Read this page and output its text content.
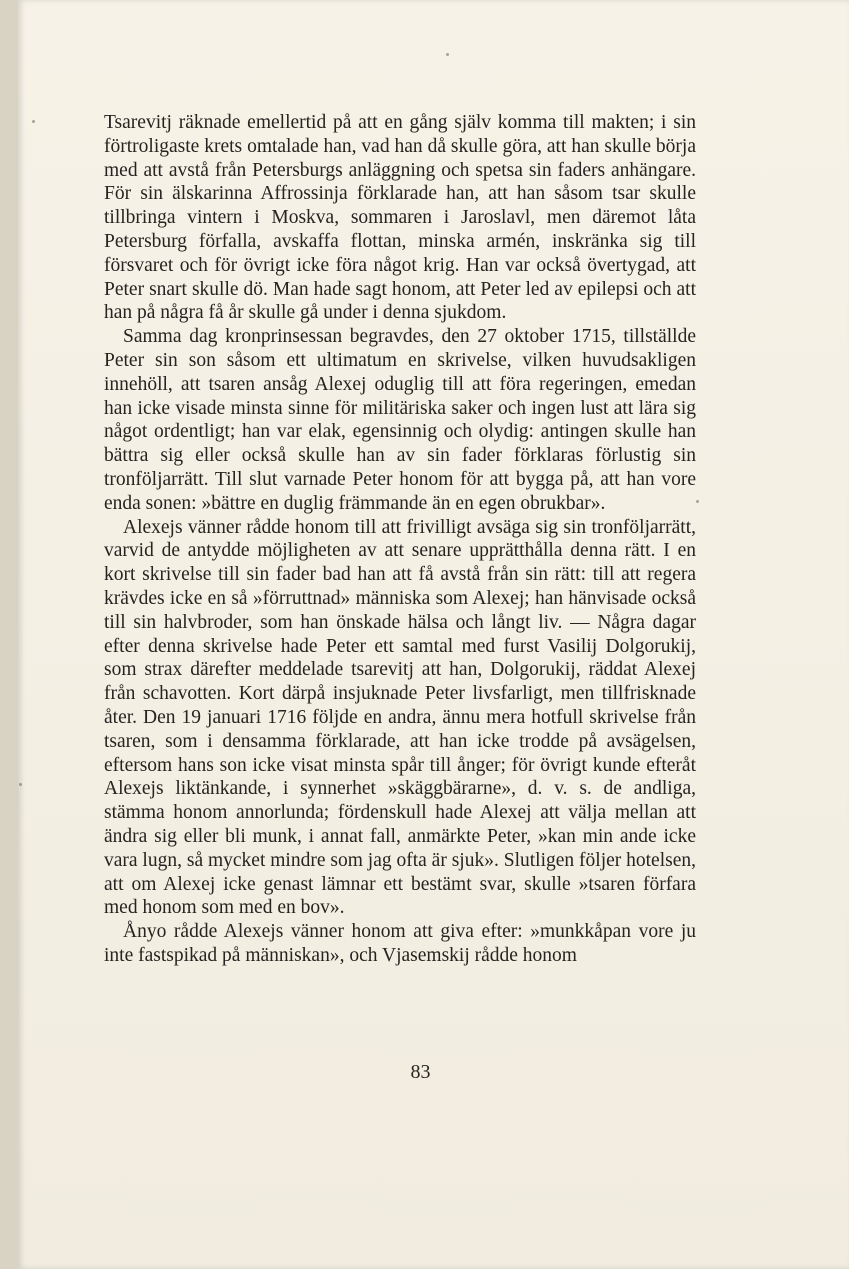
Tsarevitj räknade emellertid på att en gång själv komma till makten; i sin förtroligaste krets omtalade han, vad han då skulle göra, att han skulle börja med att avstå från Petersburgs anläggning och spetsa sin faders anhängare. För sin älskarinna Affrossinja förklarade han, att han såsom tsar skulle tillbringa vintern i Moskva, sommaren i Jaroslavl, men däremot låta Petersburg förfalla, avskaffa flottan, minska armén, inskränka sig till försvaret och för övrigt icke föra något krig. Han var också övertygad, att Peter snart skulle dö. Man hade sagt honom, att Peter led av epilepsi och att han på några få år skulle gå under i denna sjukdom.

Samma dag kronprinsessan begravdes, den 27 oktober 1715, tillställde Peter sin son såsom ett ultimatum en skrivelse, vilken huvudsakligen innehöll, att tsaren ansåg Alexej oduglig till att föra regeringen, emedan han icke visade minsta sinne för militäriska saker och ingen lust att lära sig något ordentligt; han var elak, egensinnig och olydig: antingen skulle han bättra sig eller också skulle han av sin fader förklaras förlustig sin tronföljarrätt. Till slut varnade Peter honom för att bygga på, att han vore enda sonen: »bättre en duglig främmande än en egen obrukbar».

Alexejs vänner rådde honom till att frivilligt avsäga sig sin tronföljarrätt, varvid de antydde möjligheten av att senare upprätthålla denna rätt. I en kort skrivelse till sin fader bad han att få avstå från sin rätt: till att regera krävdes icke en så »förruttnad» människa som Alexej; han hänvisade också till sin halvbroder, som han önskade hälsa och långt liv. — Några dagar efter denna skrivelse hade Peter ett samtal med furst Vasilij Dolgorukij, som strax därefter meddelade tsarevitj att han, Dolgorukij, räddat Alexej från schavotten. Kort därpå insjuknade Peter livsfarligt, men tillfrisknade åter. Den 19 januari 1716 följde en andra, ännu mera hotfull skrivelse från tsaren, som i densamma förklarade, att han icke trodde på avsägelsen, eftersom hans son icke visat minsta spår till ånger; för övrigt kunde efteråt Alexejs liktänkande, i synnerhet »skäggbärarne», d. v. s. de andliga, stämma honom annorlunda; fördenskull hade Alexej att välja mellan att ändra sig eller bli munk, i annat fall, anmärkte Peter, »kan min ande icke vara lugn, så mycket mindre som jag ofta är sjuk». Slutligen följer hotelsen, att om Alexej icke genast lämnar ett bestämt svar, skulle »tsaren förfara med honom som med en bov».

Ånyo rådde Alexejs vänner honom att giva efter: »munkkåpan vore ju inte fastspikad på människan», och Vjasemskij rådde honom

83
